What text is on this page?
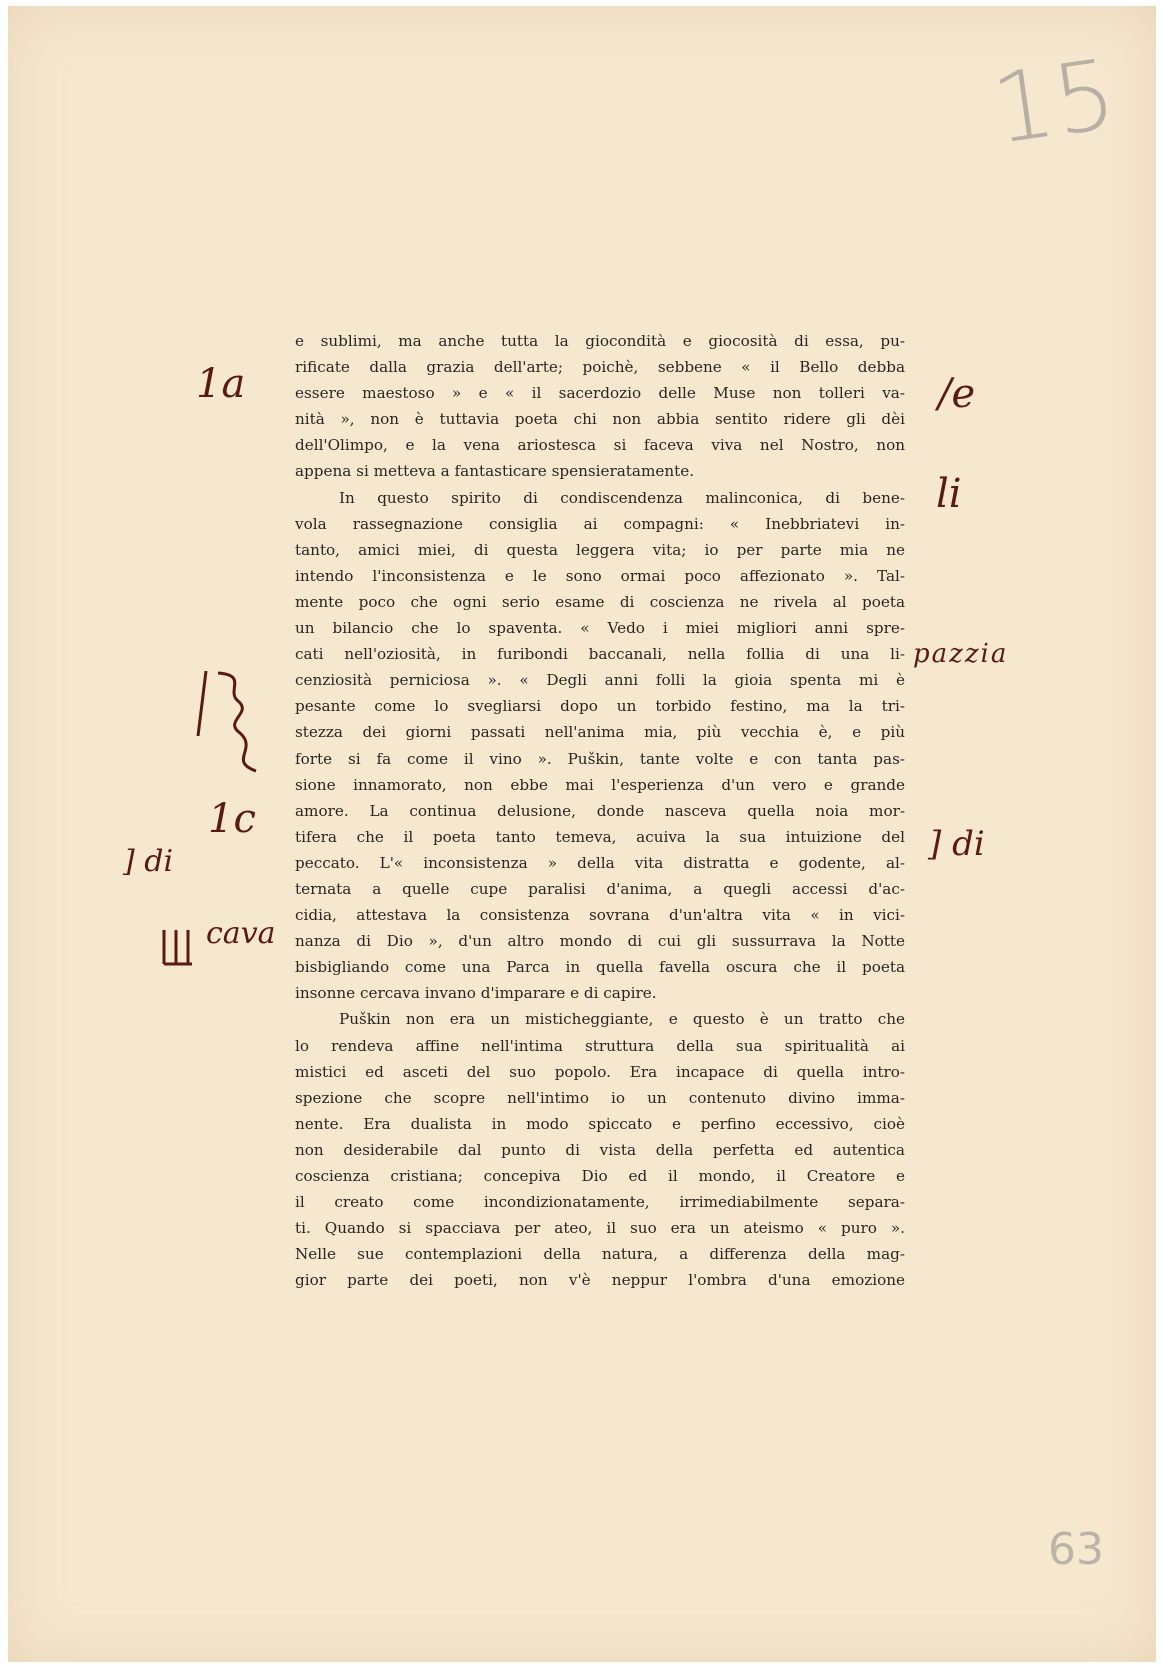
15
e sublimi, ma anche tutta la giocondità e giocosità di essa, pu-
rificate dalla grazia dell'arte; poichè, sebbene « il Bello debba
essere maestoso » e « il sacerdozio delle Muse non tolleri va-
nità », non è tuttavia poeta chi non abbia sentito ridere gli dèi
dell'Olimpo, e la vena ariostesca si faceva viva nel Nostro, non
appena si metteva a fantasticare spensieratamente.
In questo spirito di condiscendenza malinconica, di bene-
vola rassegnazione consiglia ai compagni: « Inebbriatevi in-
tanto, amici miei, di questa leggera vita; io per parte mia ne
intendo l'inconsistenza e le sono ormai poco affezionato ». Tal-
mente poco che ogni serio esame di coscienza ne rivela al poeta
un bilancio che lo spaventa. « Vedo i miei migliori anni spre-
cati nell'oziosità, in furibondi baccanali, nella follia di una li-
cenziosità perniciosa ». « Degli anni folli la gioia spenta mi è
pesante come lo svegliarsi dopo un torbido festino, ma la tri-
stezza dei giorni passati nell'anima mia, più vecchia è, e più
forte si fa come il vino ». Puškin, tante volte e con tanta pas-
sione innamorato, non ebbe mai l'esperienza d'un vero e grande
amore. La continua delusione, donde nasceva quella noia mor-
tifera che il poeta tanto temeva, acuiva la sua intuizione del
peccato. L'« inconsistenza » della vita distratta e godente, al-
ternata a quelle cupe paralisi d'anima, a quegli accessi d'ac-
cidia, attestava la consistenza sovrana d'un'altra vita « in vici-
nanza di Dio », d'un altro mondo di cui gli sussurrava la Notte
bisbigliando come una Parca in quella favella oscura che il poeta
insonne cercava invano d'imparare e di capire.
Puškin non era un misticheggiante, e questo è un tratto che
lo rendeva affine nell'intima struttura della sua spiritualità ai
mistici ed asceti del suo popolo. Era incapace di quella intro-
spezione che scopre nell'intimo io un contenuto divino imma-
nente. Era dualista in modo spiccato e perfino eccessivo, cioè
non desiderabile dal punto di vista della perfetta ed autentica
coscienza cristiana; concepiva Dio ed il mondo, il Creatore e
il creato come incondizionatamente, irrimediabilmente separa-
ti. Quando si spacciava per ateo, il suo era un ateismo « puro ».
Nelle sue contemplazioni della natura, a differenza della mag-
gior parte dei poeti, non v'è neppur l'ombra d'una emozione
1a	/e
li
pazzia
1c
] di	] di
cava
63
